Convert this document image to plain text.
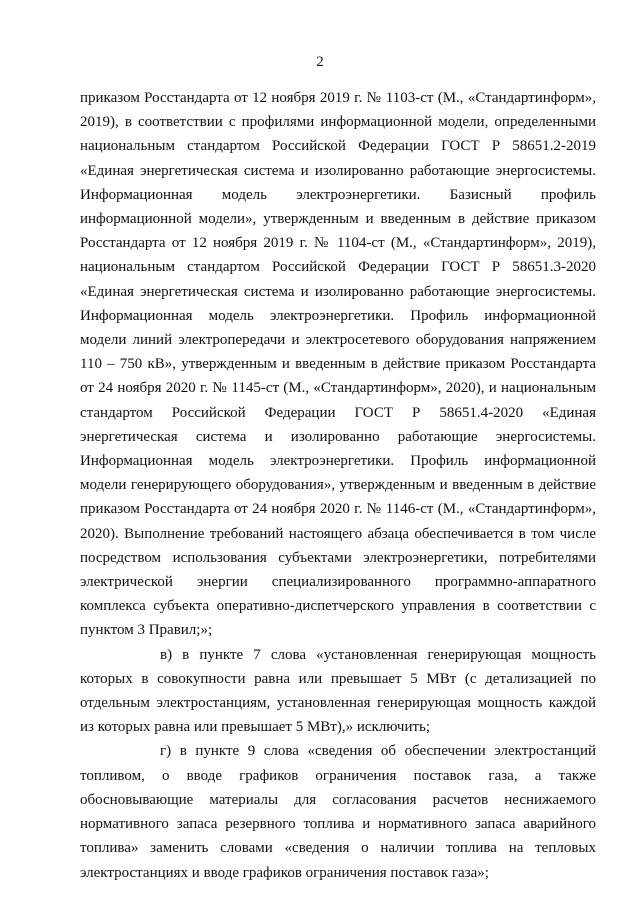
2

приказом Росстандарта от 12 ноября 2019 г. № 1103-ст (М., «Стандартинформ», 2019), в соответствии с профилями информационной модели, определенными национальным стандартом Российской Федерации ГОСТ Р 58651.2-2019 «Единая энергетическая система и изолированно работающие энергосистемы. Информационная модель электроэнергетики. Базисный профиль информационной модели», утвержденным и введенным в действие приказом Росстандарта от 12 ноября 2019 г. № 1104-ст (М., «Стандартинформ», 2019), национальным стандартом Российской Федерации ГОСТ Р 58651.3-2020 «Единая энергетическая система и изолированно работающие энергосистемы. Информационная модель электроэнергетики. Профиль информационной модели линий электропередачи и электросетевого оборудования напряжением 110 – 750 кВ», утвержденным и введенным в действие приказом Росстандарта от 24 ноября 2020 г. № 1145-ст (М., «Стандартинформ», 2020), и национальным стандартом Российской Федерации ГОСТ Р 58651.4-2020 «Единая энергетическая система и изолированно работающие энергосистемы. Информационная модель электроэнергетики. Профиль информационной модели генерирующего оборудования», утвержденным и введенным в действие приказом Росстандарта от 24 ноября 2020 г. № 1146-ст (М., «Стандартинформ», 2020). Выполнение требований настоящего абзаца обеспечивается в том числе посредством использования субъектами электроэнергетики, потребителями электрической энергии специализированного программно-аппаратного комплекса субъекта оперативно-диспетчерского управления в соответствии с пунктом 3 Правил;»;

в) в пункте 7 слова «установленная генерирующая мощность которых в совокупности равна или превышает 5 МВт (с детализацией по отдельным электростанциям, установленная генерирующая мощность каждой из которых равна или превышает 5 МВт),» исключить;

г) в пункте 9 слова «сведения об обеспечении электростанций топливом, о вводе графиков ограничения поставок газа, а также обосновывающие материалы для согласования расчетов неснижаемого нормативного запаса резервного топлива и нормативного запаса аварийного топлива» заменить словами «сведения о наличии топлива на тепловых электростанциях и вводе графиков ограничения поставок газа»;
